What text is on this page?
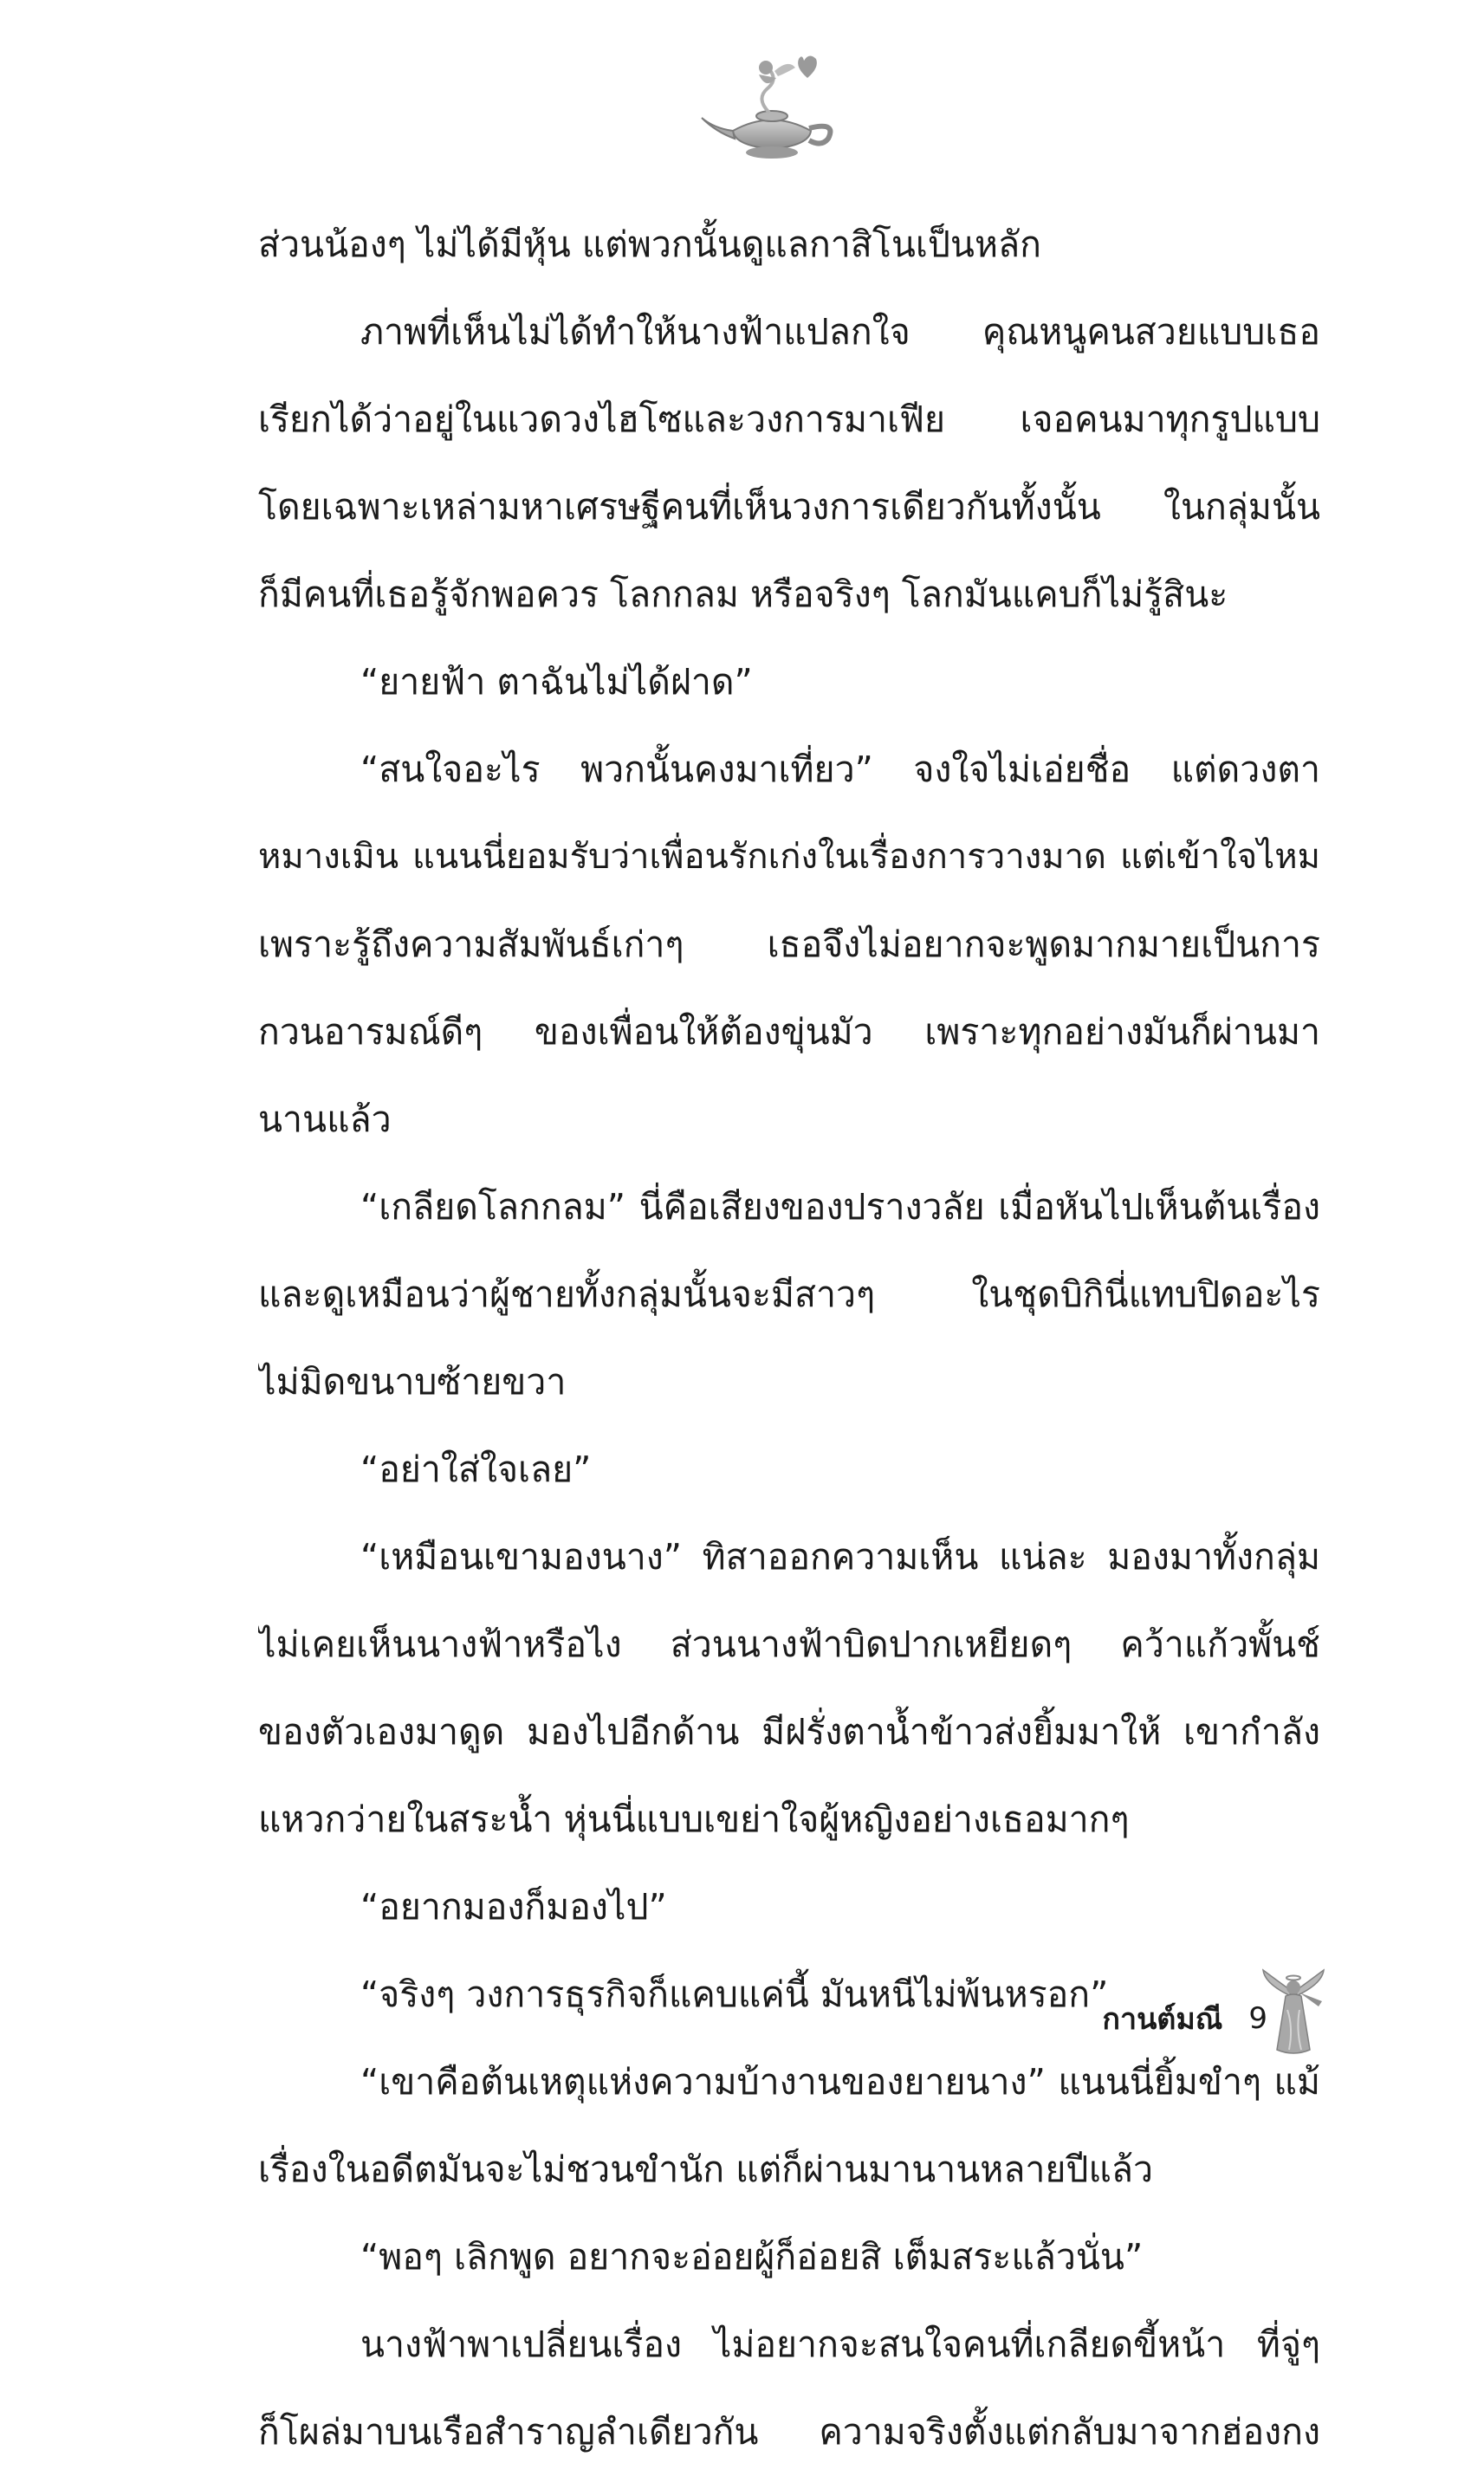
ส่วนน้องๆ ไม่ได้มีหุ้น แต่พวกนั้นดูแลกาสิโนเป็นหลัก
ภาพที่เห็นไม่ได้ทำให้นางฟ้าแปลกใจ คุณหนูคนสวยแบบเธอ
เรียกได้ว่าอยู่ในแวดวงไฮโซและวงการมาเฟีย เจอคนมาทุกรูปแบบ
โดยเฉพาะเหล่ามหาเศรษฐีคนที่เห็นวงการเดียวกันทั้งนั้น ในกลุ่มนั้น
ก็มีคนที่เธอรู้จักพอควร โลกกลม หรือจริงๆ โลกมันแคบก็ไม่รู้สินะ
“ยายฟ้า ตาฉันไม่ได้ฝาด”
“สนใจอะไร พวกนั้นคงมาเที่ยว” จงใจไม่เอ่ยชื่อ แต่ดวงตา
หมางเมิน แนนนี่ยอมรับว่าเพื่อนรักเก่งในเรื่องการวางมาด แต่เข้าใจไหม
เพราะรู้ถึงความสัมพันธ์เก่าๆ เธอจึงไม่อยากจะพูดมากมายเป็นการ
กวนอารมณ์ดีๆ ของเพื่อนให้ต้องขุ่นมัว เพราะทุกอย่างมันก็ผ่านมา
นานแล้ว
“เกลียดโลกกลม” นี่คือเสียงของปรางวลัย เมื่อหันไปเห็นต้นเรื่อง
และดูเหมือนว่าผู้ชายทั้งกลุ่มนั้นจะมีสาวๆ ในชุดบิกินี่แทบปิดอะไร
ไม่มิดขนาบซ้ายขวา
“อย่าใส่ใจเลย”
“เหมือนเขามองนาง” ทิสาออกความเห็น แน่ละ มองมาทั้งกลุ่ม
ไม่เคยเห็นนางฟ้าหรือไง ส่วนนางฟ้าบิดปากเหยียดๆ คว้าแก้วพั้นช์
ของตัวเองมาดูด มองไปอีกด้าน มีฝรั่งตาน้ำข้าวส่งยิ้มมาให้ เขากำลัง
แหวกว่ายในสระน้ำ หุ่นนี่แบบเขย่าใจผู้หญิงอย่างเธอมากๆ
“อยากมองก็มองไป”
“จริงๆ วงการธุรกิจก็แคบแค่นี้ มันหนีไม่พ้นหรอก”
“เขาคือต้นเหตุแห่งความบ้างานของยายนาง” แนนนี่ยิ้มขำๆ แม้
เรื่องในอดีตมันจะไม่ชวนขำนัก แต่ก็ผ่านมานานหลายปีแล้ว
“พอๆ เลิกพูด อยากจะอ่อยผู้ก็อ่อยสิ เต็มสระแล้วนั่น”
นางฟ้าพาเปลี่ยนเรื่อง ไม่อยากจะสนใจคนที่เกลียดขี้หน้า ที่จู่ๆ
ก็โผล่มาบนเรือสำราญลำเดียวกัน ความจริงตั้งแต่กลับมาจากฮ่องกง
กานต์มณี 9
